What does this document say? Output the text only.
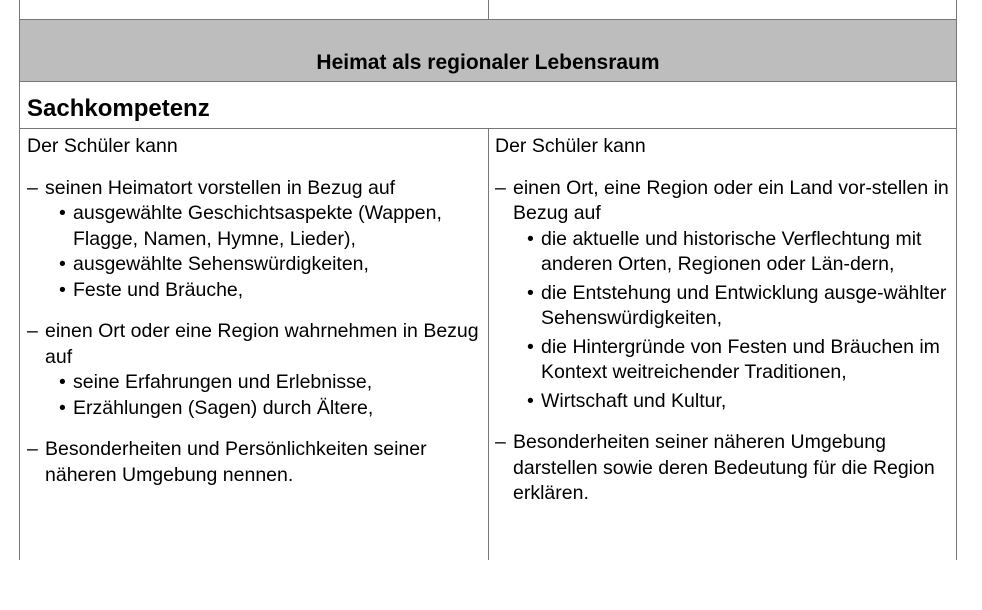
Heimat als regionaler Lebensraum
Sachkompetenz
Der Schüler kann
– seinen Heimatort vorstellen in Bezug auf
• ausgewählte Geschichtsaspekte (Wappen, Flagge, Namen, Hymne, Lieder),
• ausgewählte Sehenswürdigkeiten,
• Feste und Bräuche,
– einen Ort oder eine Region wahrnehmen in Bezug auf
• seine Erfahrungen und Erlebnisse,
• Erzählungen (Sagen) durch Ältere,
– Besonderheiten und Persönlichkeiten seiner näheren Umgebung nennen.
Der Schüler kann
– einen Ort, eine Region oder ein Land vor-stellen in Bezug auf
• die aktuelle und historische Verflechtung mit anderen Orten, Regionen oder Län-dern,
• die Entstehung und Entwicklung ausge-wählter Sehenswürdigkeiten,
• die Hintergründe von Festen und Bräuchen im Kontext weitreichender Traditionen,
• Wirtschaft und Kultur,
– Besonderheiten seiner näheren Umgebung darstellen sowie deren Bedeutung für die Region erklären.
